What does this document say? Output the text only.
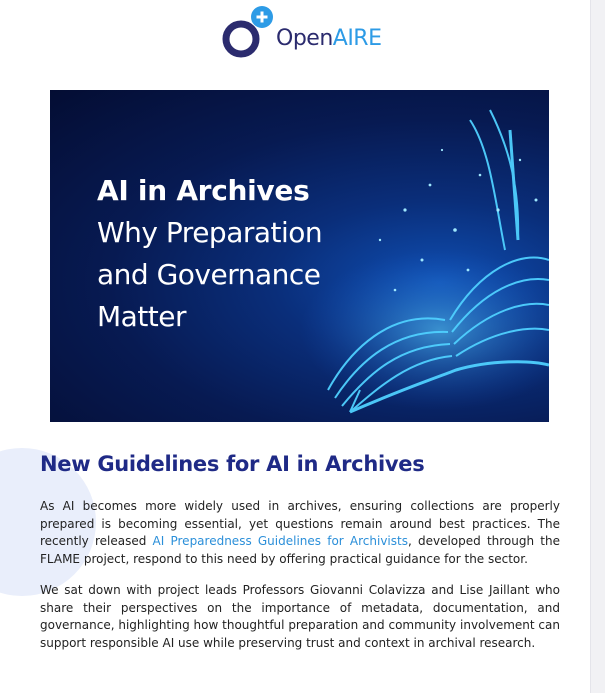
OpenAIRE
AI in Archives
Why Preparation
and Governance
Matter
New Guidelines for AI in Archives

As AI becomes more widely used in archives, ensuring collections are properly prepared is becoming essential, yet questions remain around best practices. The recently released AI Preparedness Guidelines for Archivists, developed through the FLAME project, respond to this need by offering practical guidance for the sector.

We sat down with project leads Professors Giovanni Colavizza and Lise Jaillant who share their perspectives on the importance of metadata, documentation, and governance, highlighting how thoughtful preparation and community involvement can support responsible AI use while preserving trust and context in archival research.
